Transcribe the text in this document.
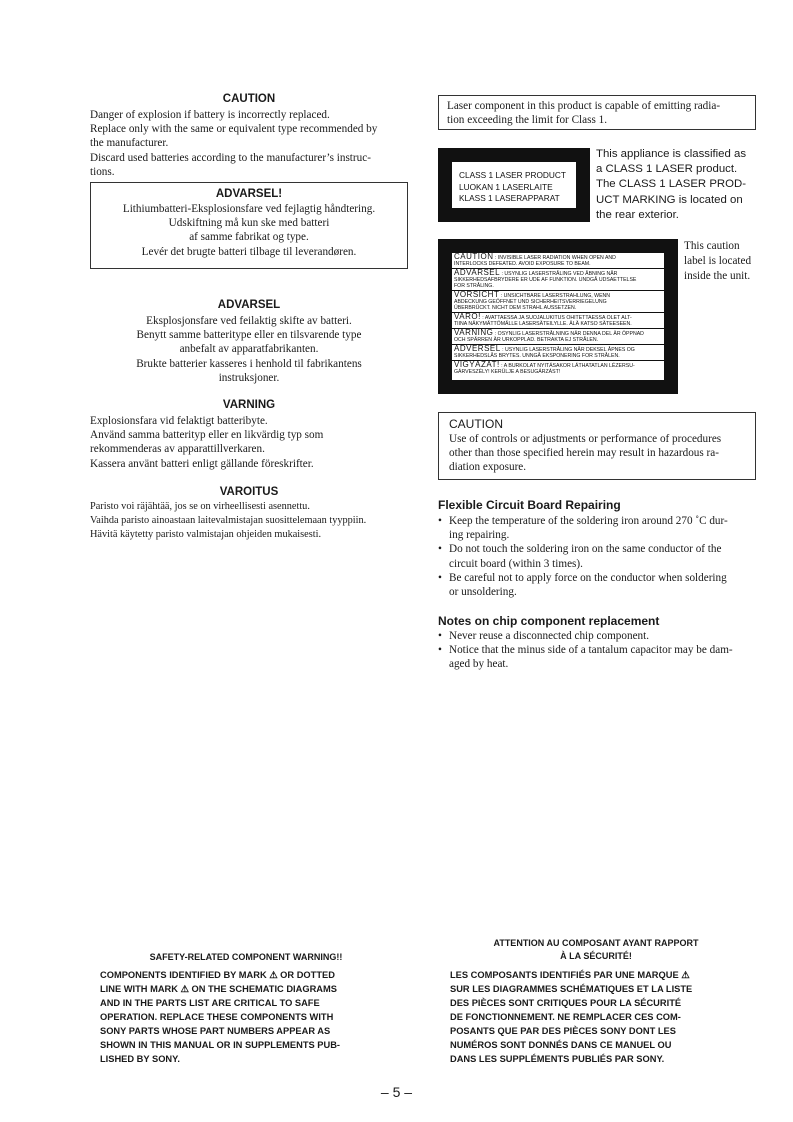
CAUTION
Danger of explosion if battery is incorrectly replaced.
Replace only with the same or equivalent type recommended by
the manufacturer.
Discard used batteries according to the manufacturer’s instruc-
tions.
ADVARSEL!
Lithiumbatteri-Eksplosionsfare ved fejlagtig håndtering.
Udskiftning må kun ske med batteri
af samme fabrikat og type.
Levér det brugte batteri tilbage til leverandøren.
ADVARSEL
Eksplosjonsfare ved feilaktig skifte av batteri.
Benytt samme batteritype eller en tilsvarende type
anbefalt av apparatfabrikanten.
Brukte batterier kasseres i henhold til fabrikantens
instruksjoner.
VARNING
Explosionsfara vid felaktigt batteribyte.
Använd samma batterityp eller en likvärdig typ som
rekommenderas av apparattillverkaren.
Kassera använt batteri enligt gällande föreskrifter.
VAROITUS
Paristo voi räjähtää, jos se on virheellisesti asennettu.
Vaihda paristo ainoastaan laitevalmistajan suosittelemaan tyyppiin.
Hävitä käytetty paristo valmistajan ohjeiden mukaisesti.
Laser component in this product is capable of emitting radia-
tion exceeding the limit for Class 1.
CLASS 1 LASER PRODUCT
LUOKAN 1 LASERLAITE
KLASS 1 LASERAPPARAT
This appliance is classified as
a CLASS 1 LASER product.
The CLASS 1 LASER PROD-
UCT MARKING is located on
the rear exterior.
CAUTION : INVISIBLE LASER RADIATION WHEN OPEN AND
INTERLOCKS DEFEATED. AVOID EXPOSURE TO BEAM.
ADVARSEL : USYNLIG LASERSTRÅLING VED ÅBNING NÅR
SIKKERHEDSAFBRYDERE ER UDE AF FUNKTION. UNDGÅ UDSAETTELSE
FOR STRÅLING.
VORSICHT : UNSICHTBARE LASERSTRAHLUNG, WENN
ABDECKUNG GEÖFFNET UND SICHERHEITSVERRIEGELUNG
ÜBERBRÜCKT. NICHT DEM STRAHL AUSSETZEN.
VARO! : AVATTAESSA JA SUOJALUKITUS OHITETTAESSA OLET ALT-
TIINA NÄKYMÄTTÖMÄLLE LASERSÄTEILYLLE. ÄLÄ KATSO SÄTEESEEN.
VARNING : OSYNLIG LASERSTRÅLNING NÄR DENNA DEL ÄR ÖPPNAD
OCH SPÄRREN ÄR URKOPPLAD. BETRAKTA EJ STRÅLEN.
ADVERSEL : USYNLIG LASERSTRÅLING NÅR DEKSEL ÅPNES OG
SIKKERHEDSLÅS BRYTES. UNNGÅ EKSPONERING FOR STRÅLEN.
VIGYÁZAT! : A BURKOLAT NYITÁSAKOR LÁTHATATLAN LÉZERSU-
GÁRVESZÉLY! KERÜLJE A BESUGÁRZÁST!
This caution
label is located
inside the unit.
CAUTION
Use of controls or adjustments or performance of procedures
other than those specified herein may result in hazardous ra-
diation exposure.
Flexible Circuit Board Repairing
• Keep the temperature of the soldering iron around 270 ˚C dur-
ing repairing.
• Do not touch the soldering iron on the same conductor of the
circuit board (within 3 times).
• Be careful not to apply force on the conductor when soldering
or unsoldering.
Notes on chip component replacement
• Never reuse a disconnected chip component.
• Notice that the minus side of a tantalum capacitor may be dam-
aged by heat.
SAFETY-RELATED COMPONENT WARNING!!
COMPONENTS IDENTIFIED BY MARK ⚠ OR DOTTED
LINE WITH MARK ⚠ ON THE SCHEMATIC DIAGRAMS
AND IN THE PARTS LIST ARE CRITICAL TO SAFE
OPERATION. REPLACE THESE COMPONENTS WITH
SONY PARTS WHOSE PART NUMBERS APPEAR AS
SHOWN IN THIS MANUAL OR IN SUPPLEMENTS PUB-
LISHED BY SONY.
ATTENTION AU COMPOSANT AYANT RAPPORT
À LA SÉCURITÉ!
LES COMPOSANTS IDENTIFIÉS PAR UNE MARQUE ⚠
SUR LES DIAGRAMMES SCHÉMATIQUES ET LA LISTE
DES PIÈCES SONT CRITIQUES POUR LA SÉCURITÉ
DE FONCTIONNEMENT. NE REMPLACER CES COM-
POSANTS QUE PAR DES PIÈCES SONY DONT LES
NUMÉROS SONT DONNÉS DANS CE MANUEL OU
DANS LES SUPPLÉMENTS PUBLIÉS PAR SONY.
– 5 –
